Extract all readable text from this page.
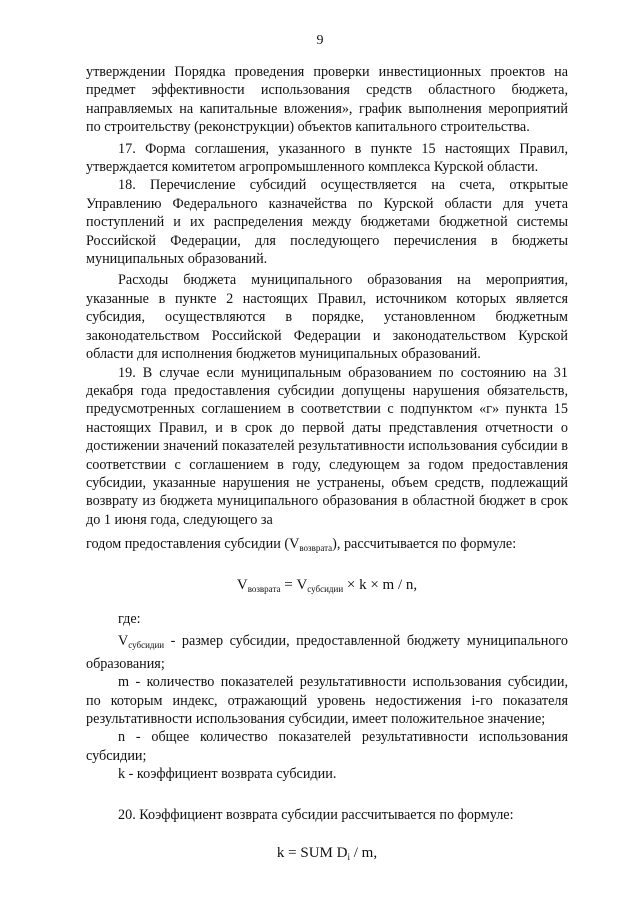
9

утверждении Порядка проведения проверки инвестиционных проектов на предмет эффективности использования средств областного бюджета, направляемых на капитальные вложения», график выполнения мероприятий по строительству (реконструкции) объектов капитального строительства.

17. Форма соглашения, указанного в пункте 15 настоящих Правил, утверждается комитетом агропромышленного комплекса Курской области.

18. Перечисление субсидий осуществляется на счета, открытые Управлению Федерального казначейства по Курской области для учета поступлений и их распределения между бюджетами бюджетной системы Российской Федерации, для последующего перечисления в бюджеты муниципальных образований.

Расходы бюджета муниципального образования на мероприятия, указанные в пункте 2 настоящих Правил, источником которых является субсидия, осуществляются в порядке, установленном бюджетным законодательством Российской Федерации и законодательством Курской области для исполнения бюджетов муниципальных образований.

19. В случае если муниципальным образованием по состоянию на 31 декабря года предоставления субсидии допущены нарушения обязательств, предусмотренных соглашением в соответствии с подпунктом «г» пункта 15 настоящих Правил, и в срок до первой даты представления отчетности о достижении значений показателей результативности использования субсидии в соответствии с соглашением в году, следующем за годом предоставления субсидии, указанные нарушения не устранены, объем средств, подлежащий возврату из бюджета муниципального образования в областной бюджет в срок до 1 июня года, следующего за

годом предоставления субсидии $(V_{возврата})$, рассчитывается по формуле:

$V_{возврата} = V_{субсидии} \times k \times m / n$,

где:

$V_{субсидии}$ - размер субсидии, предоставленной бюджету муниципального образования;

m - количество показателей результативности использования субсидии, по которым индекс, отражающий уровень недостижения i-го показателя результативности использования субсидии, имеет положительное значение;

n - общее количество показателей результативности использования субсидии;

k - коэффициент возврата субсидии.

20. Коэффициент возврата субсидии рассчитывается по формуле:

k = SUM $D_i$ / m,
